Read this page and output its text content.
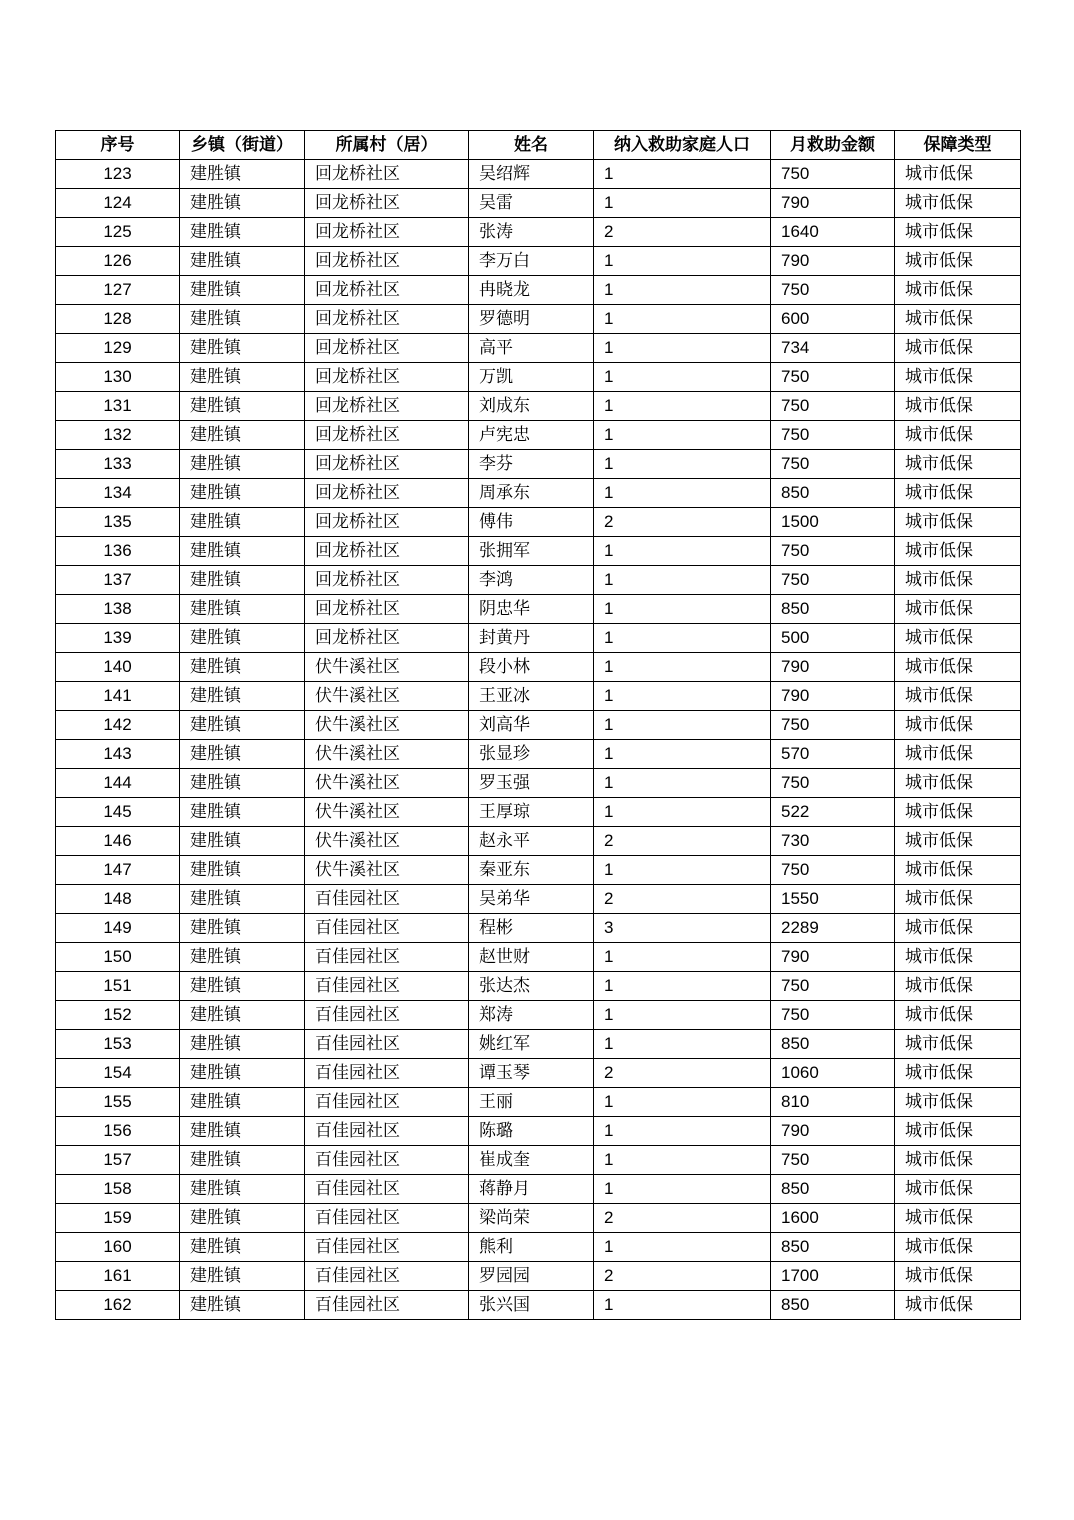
序号	乡镇（街道）	所属村（居）	姓名	纳入救助家庭人口	月救助金额	保障类型
123	建胜镇	回龙桥社区	吴绍辉	1	750	城市低保
124	建胜镇	回龙桥社区	吴雷	1	790	城市低保
125	建胜镇	回龙桥社区	张涛	2	1640	城市低保
126	建胜镇	回龙桥社区	李万白	1	790	城市低保
127	建胜镇	回龙桥社区	冉晓龙	1	750	城市低保
128	建胜镇	回龙桥社区	罗德明	1	600	城市低保
129	建胜镇	回龙桥社区	高平	1	734	城市低保
130	建胜镇	回龙桥社区	万凯	1	750	城市低保
131	建胜镇	回龙桥社区	刘成东	1	750	城市低保
132	建胜镇	回龙桥社区	卢宪忠	1	750	城市低保
133	建胜镇	回龙桥社区	李芬	1	750	城市低保
134	建胜镇	回龙桥社区	周承东	1	850	城市低保
135	建胜镇	回龙桥社区	傅伟	2	1500	城市低保
136	建胜镇	回龙桥社区	张拥军	1	750	城市低保
137	建胜镇	回龙桥社区	李鸿	1	750	城市低保
138	建胜镇	回龙桥社区	阴忠华	1	850	城市低保
139	建胜镇	回龙桥社区	封黄丹	1	500	城市低保
140	建胜镇	伏牛溪社区	段小林	1	790	城市低保
141	建胜镇	伏牛溪社区	王亚冰	1	790	城市低保
142	建胜镇	伏牛溪社区	刘高华	1	750	城市低保
143	建胜镇	伏牛溪社区	张显珍	1	570	城市低保
144	建胜镇	伏牛溪社区	罗玉强	1	750	城市低保
145	建胜镇	伏牛溪社区	王厚琼	1	522	城市低保
146	建胜镇	伏牛溪社区	赵永平	2	730	城市低保
147	建胜镇	伏牛溪社区	秦亚东	1	750	城市低保
148	建胜镇	百佳园社区	吴弟华	2	1550	城市低保
149	建胜镇	百佳园社区	程彬	3	2289	城市低保
150	建胜镇	百佳园社区	赵世财	1	790	城市低保
151	建胜镇	百佳园社区	张达杰	1	750	城市低保
152	建胜镇	百佳园社区	郑涛	1	750	城市低保
153	建胜镇	百佳园社区	姚红军	1	850	城市低保
154	建胜镇	百佳园社区	谭玉琴	2	1060	城市低保
155	建胜镇	百佳园社区	王丽	1	810	城市低保
156	建胜镇	百佳园社区	陈璐	1	790	城市低保
157	建胜镇	百佳园社区	崔成奎	1	750	城市低保
158	建胜镇	百佳园社区	蒋静月	1	850	城市低保
159	建胜镇	百佳园社区	梁尚荣	2	1600	城市低保
160	建胜镇	百佳园社区	熊利	1	850	城市低保
161	建胜镇	百佳园社区	罗园园	2	1700	城市低保
162	建胜镇	百佳园社区	张兴国	1	850	城市低保
